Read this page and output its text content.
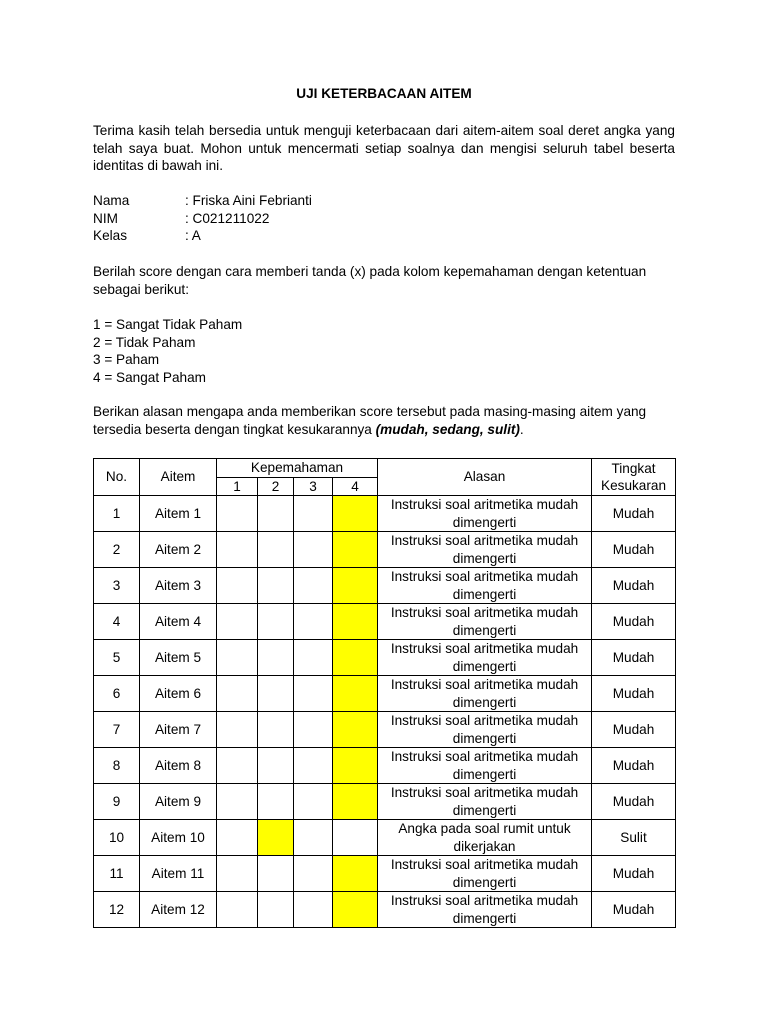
UJI KETERBACAAN AITEM

Terima kasih telah bersedia untuk menguji keterbacaan dari aitem-aitem soal deret angka yang telah saya buat. Mohon untuk mencermati setiap soalnya dan mengisi seluruh tabel beserta identitas di bawah ini.

Nama	: Friska Aini Febrianti
NIM	: C021211022
Kelas	: A

Berilah score dengan cara memberi tanda (x) pada kolom kepemahaman dengan ketentuan sebagai berikut:

1 = Sangat Tidak Paham
2 = Tidak Paham
3 = Paham
4 = Sangat Paham

Berikan alasan mengapa anda memberikan score tersebut pada masing-masing aitem yang tersedia beserta dengan tingkat kesukarannya (mudah, sedang, sulit).

No.	Aitem	Kepemahaman				Alasan	Tingkat
Kesukaran
		1	2	3	4		
1	Aitem 1					Instruksi soal aritmetika mudah dimengerti	Mudah
2	Aitem 2					Instruksi soal aritmetika mudah dimengerti	Mudah
3	Aitem 3					Instruksi soal aritmetika mudah dimengerti	Mudah
4	Aitem 4					Instruksi soal aritmetika mudah dimengerti	Mudah
5	Aitem 5					Instruksi soal aritmetika mudah dimengerti	Mudah
6	Aitem 6					Instruksi soal aritmetika mudah dimengerti	Mudah
7	Aitem 7					Instruksi soal aritmetika mudah dimengerti	Mudah
8	Aitem 8					Instruksi soal aritmetika mudah dimengerti	Mudah
9	Aitem 9					Instruksi soal aritmetika mudah dimengerti	Mudah
10	Aitem 10					Angka pada soal rumit untuk dikerjakan	Sulit
11	Aitem 11					Instruksi soal aritmetika mudah dimengerti	Mudah
12	Aitem 12					Instruksi soal aritmetika mudah dimengerti	Mudah
